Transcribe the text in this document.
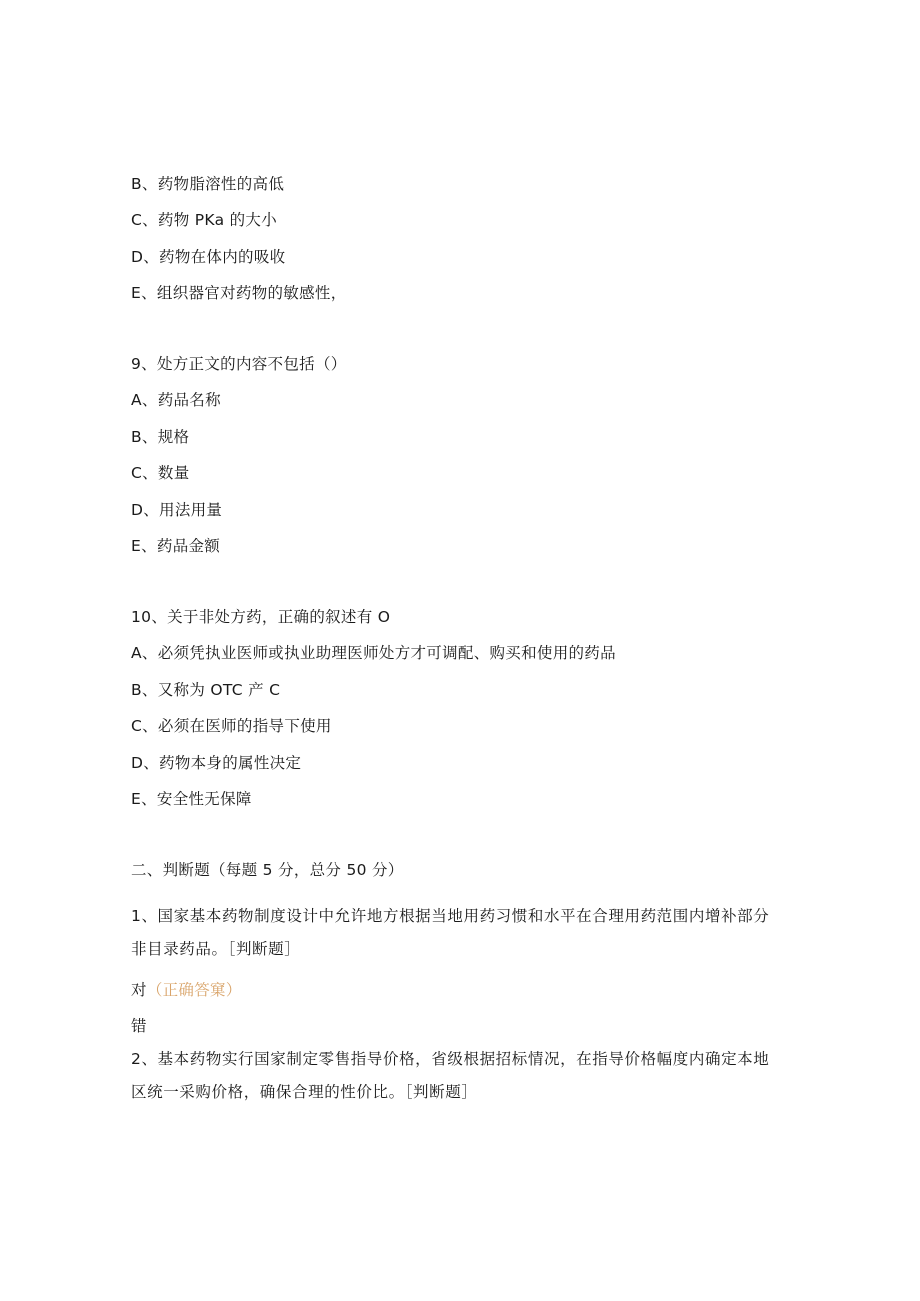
B、药物脂溶性的高低
C、药物 PKa 的大小
D、药物在体内的吸收
E、组织器官对药物的敏感性，
9、处方正文的内容不包括（）
A、药品名称
B、规格
C、数量
D、用法用量
E、药品金额
10、关于非处方药，正确的叙述有 O
A、必须凭执业医师或执业助理医师处方才可调配、购买和使用的药品
B、又称为 OTC 产 C
C、必须在医师的指导下使用
D、药物本身的属性决定
E、安全性无保障
二、判断题（每题 5 分，总分 50 分）
1、国家基本药物制度设计中允许地方根据当地用药习惯和水平在合理用药范围内增补部分非目录药品。［判断题］
对（正确答窠）
错
2、基本药物实行国家制定零售指导价格，省级根据招标情况，在指导价格幅度内确定本地区统一采购价格，确保合理的性价比。［判断题］
